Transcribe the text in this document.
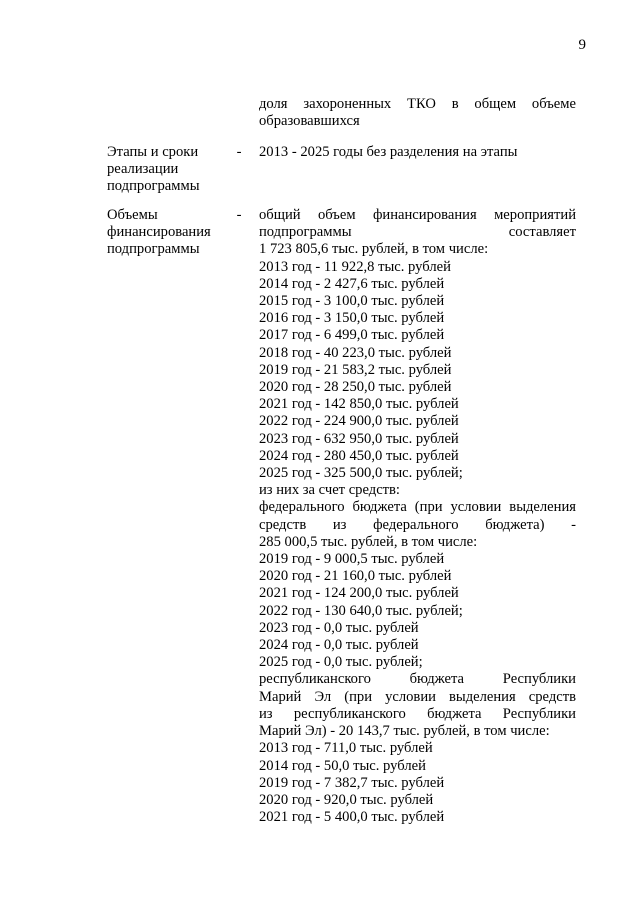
9
доля захороненных ТКО в общем объеме
образовавшихся
Этапы и сроки
реализации
подпрограммы
- 2013 - 2025 годы без разделения на этапы
Объемы
финансирования
подпрограммы
- общий объем финансирования мероприятий
подпрограммы составляет
1 723 805,6 тыс. рублей, в том числе:
2013 год - 11 922,8 тыс. рублей
2014 год - 2 427,6 тыс. рублей
2015 год - 3 100,0 тыс. рублей
2016 год - 3 150,0 тыс. рублей
2017 год - 6 499,0 тыс. рублей
2018 год - 40 223,0 тыс. рублей
2019 год - 21 583,2 тыс. рублей
2020 год - 28 250,0 тыс. рублей
2021 год - 142 850,0 тыс. рублей
2022 год - 224 900,0 тыс. рублей
2023 год - 632 950,0 тыс. рублей
2024 год - 280 450,0 тыс. рублей
2025 год - 325 500,0 тыс. рублей;
из них за счет средств:
федерального бюджета (при условии выделения
средств из федерального бюджета) -
285 000,5 тыс. рублей, в том числе:
2019 год - 9 000,5 тыс. рублей
2020 год - 21 160,0 тыс. рублей
2021 год - 124 200,0 тыс. рублей
2022 год - 130 640,0 тыс. рублей;
2023 год - 0,0 тыс. рублей
2024 год - 0,0 тыс. рублей
2025 год - 0,0 тыс. рублей;
республиканского бюджета Республики
Марий Эл (при условии выделения средств
из республиканского бюджета Республики
Марий Эл) - 20 143,7 тыс. рублей, в том числе:
2013 год - 711,0 тыс. рублей
2014 год - 50,0 тыс. рублей
2019 год - 7 382,7 тыс. рублей
2020 год - 920,0 тыс. рублей
2021 год - 5 400,0 тыс. рублей
